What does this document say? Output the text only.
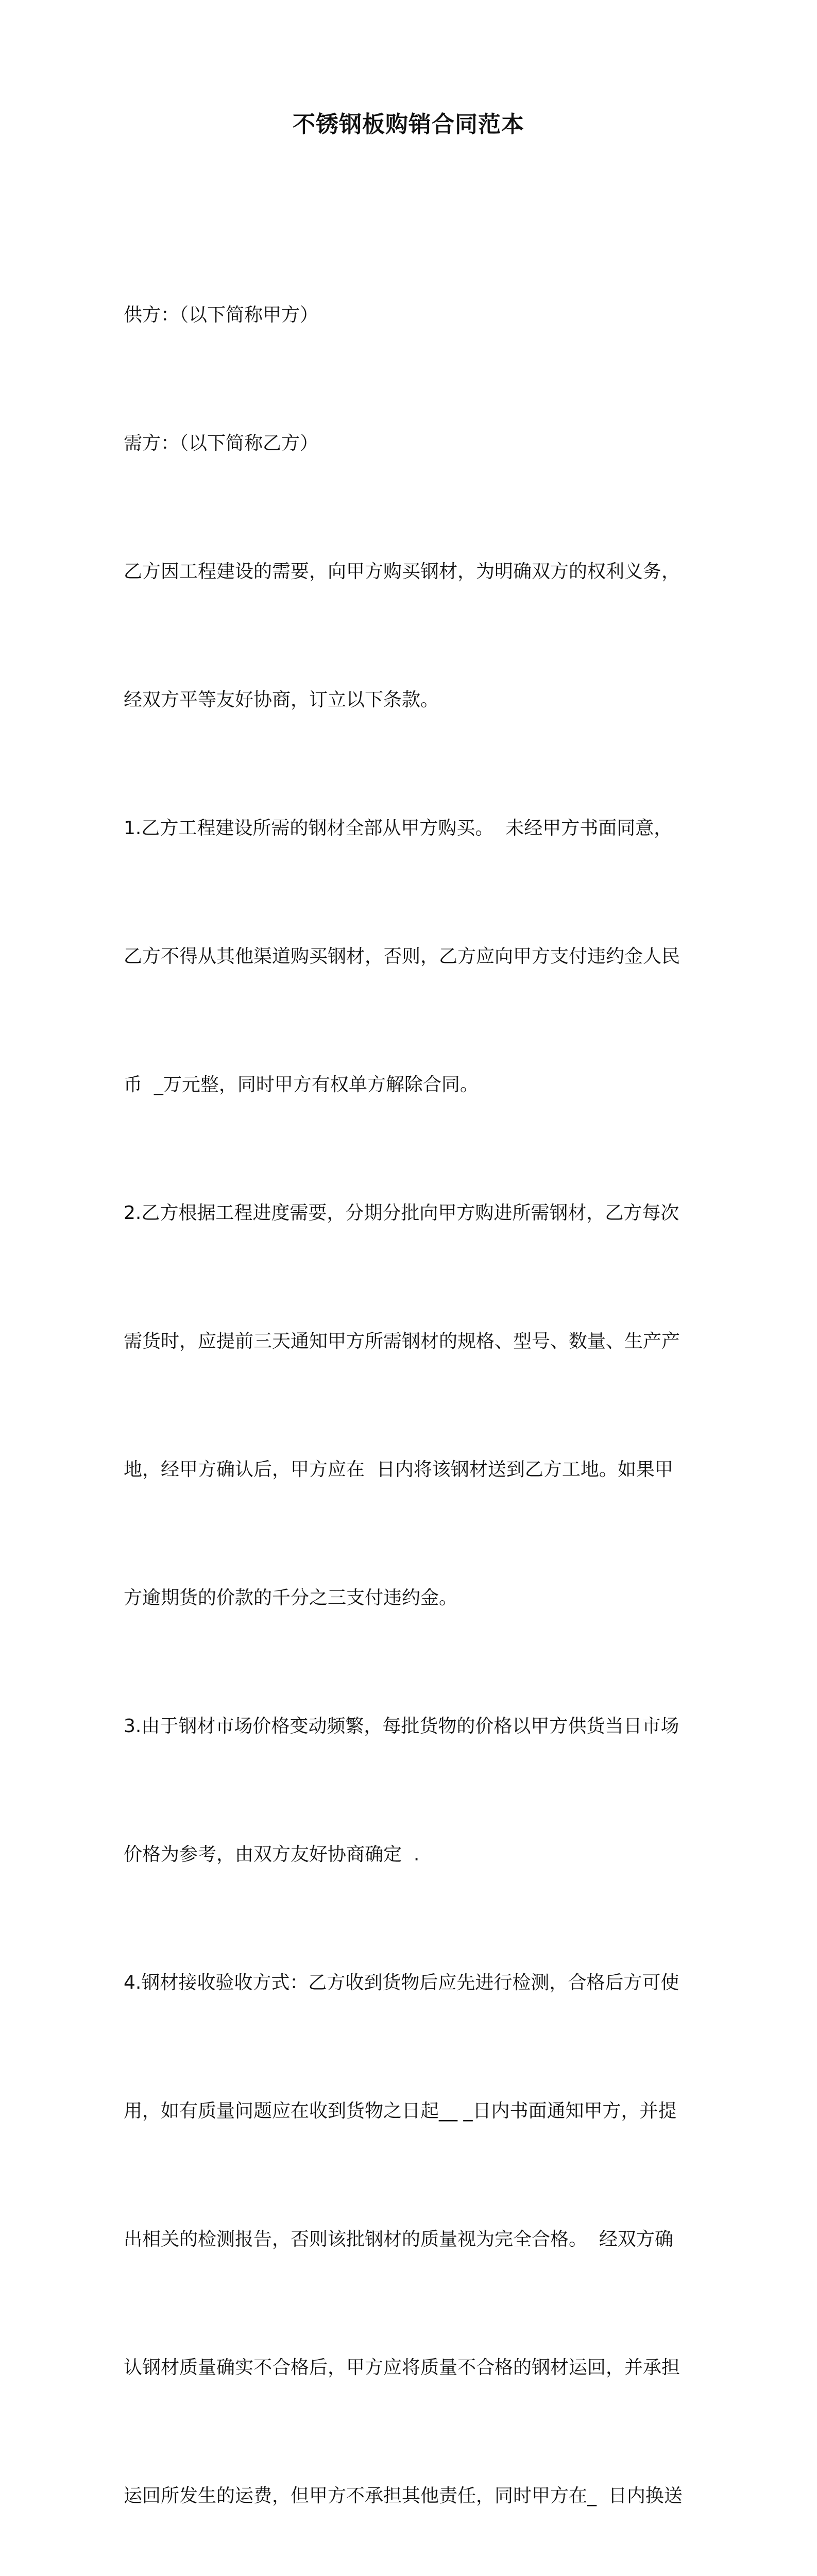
不锈钢板购销合同范本

供方：（以下简称甲方）

需方：（以下简称乙方）

乙方因工程建设的需要，向甲方购买钢材，为明确双方的权利义务，

经双方平等友好协商，订立以下条款。

1.乙方工程建设所需的钢材全部从甲方购买。  未经甲方书面同意，

乙方不得从其他渠道购买钢材，否则，乙方应向甲方支付违约金人民

币  _万元整，同时甲方有权单方解除合同。

2.乙方根据工程进度需要，分期分批向甲方购进所需钢材，乙方每次

需货时，应提前三天通知甲方所需钢材的规格、型号、数量、生产产

地，经甲方确认后，甲方应在  日内将该钢材送到乙方工地。如果甲

方逾期货的价款的千分之三支付违约金。

3.由于钢材市场价格变动频繁，每批货物的价格以甲方供货当日市场

价格为参考，由双方友好协商确定  .

4.钢材接收验收方式：乙方收到货物后应先进行检测，合格后方可使

用，如有质量问题应在收到货物之日起__ _日内书面通知甲方，并提

出相关的检测报告，否则该批钢材的质量视为完全合格。  经双方确

认钢材质量确实不合格后，甲方应将质量不合格的钢材运回，并承担

运回所发生的运费，但甲方不承担其他责任，同时甲方在_  日内换送
